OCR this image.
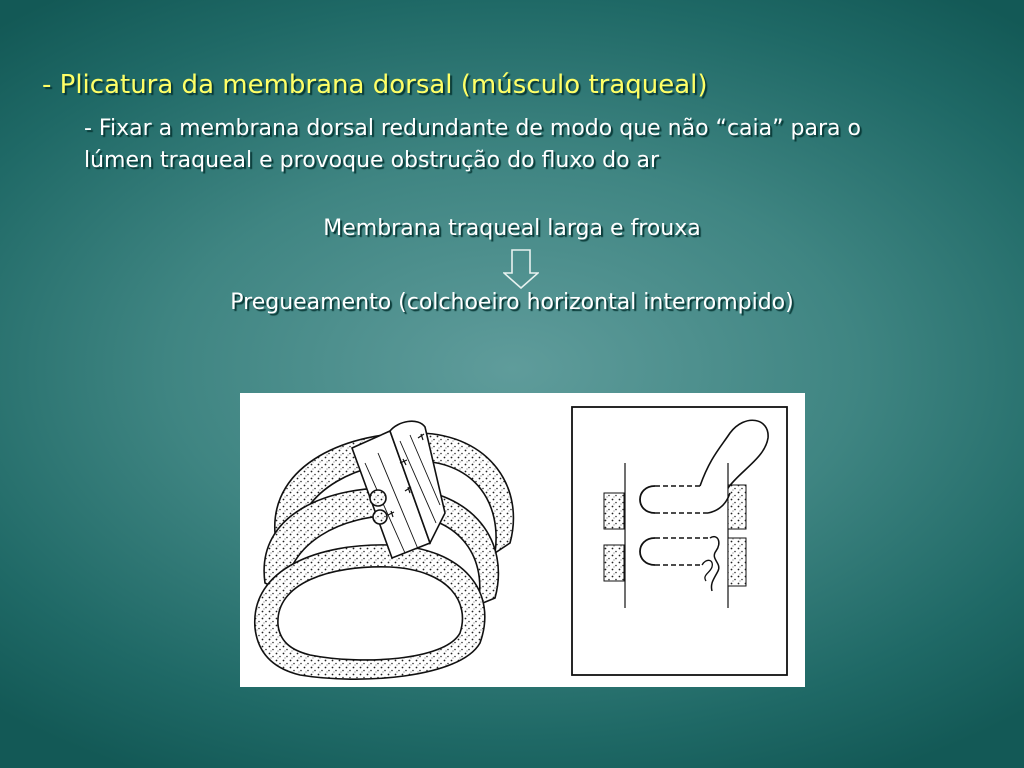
- Plicatura da membrana dorsal (músculo traqueal)
- Fixar a membrana dorsal redundante de modo que não “caia” para o
lúmen traqueal e provoque obstrução do fluxo do ar
Membrana traqueal larga e frouxa
Pregueamento (colchoeiro horizontal interrompido)
